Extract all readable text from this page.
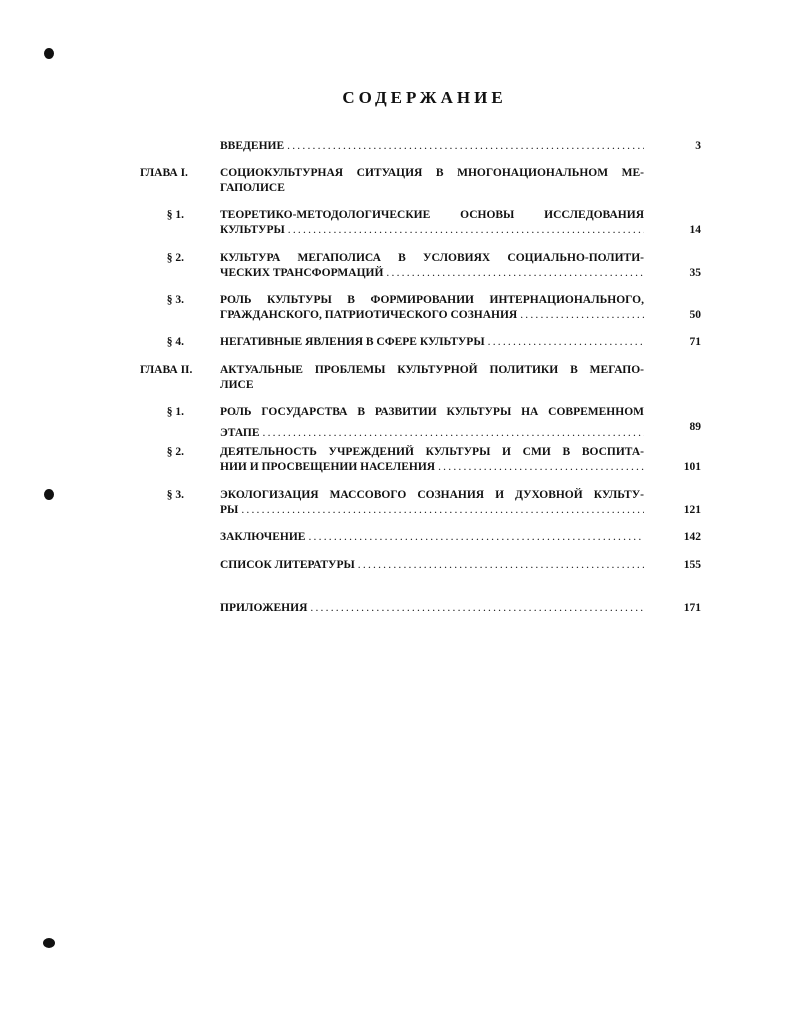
СОДЕРЖАНИЕ
ВВЕДЕНИЕ .....	3
ГЛАВА I.	СОЦИОКУЛЬТУРНАЯ СИТУАЦИЯ В МНОГОНАЦИОНАЛЬНОМ МЕ-
ГАПОЛИСЕ
§ 1.	ТЕОРЕТИКО-МЕТОДОЛОГИЧЕСКИЕ ОСНОВЫ ИССЛЕДОВАНИЯ
КУЛЬТУРЫ .....	14
§ 2.	КУЛЬТУРА МЕГАПОЛИСА В УСЛОВИЯХ СОЦИАЛЬНО-ПОЛИТИ-
ЧЕСКИХ ТРАНСФОРМАЦИЙ .....	35
§ 3.	РОЛЬ КУЛЬТУРЫ В ФОРМИРОВАНИИ ИНТЕРНАЦИОНАЛЬНОГО,
ГРАЖДАНСКОГО, ПАТРИОТИЧЕСКОГО СОЗНАНИЯ .....	50
§ 4.	НЕГАТИВНЫЕ ЯВЛЕНИЯ В СФЕРЕ КУЛЬТУРЫ .....	71
ГЛАВА II. АКТУАЛЬНЫЕ ПРОБЛЕМЫ КУЛЬТУРНОЙ ПОЛИТИКИ В МЕГАПО-
ЛИСЕ
§ 1.	РОЛЬ ГОСУДАРСТВА В РАЗВИТИИ КУЛЬТУРЫ НА СОВРЕМЕННОМ
ЭТАПЕ .....	89
§ 2.	ДЕЯТЕЛЬНОСТЬ УЧРЕЖДЕНИЙ КУЛЬТУРЫ И СМИ В ВОСПИТА-
НИИ И ПРОСВЕЩЕНИИ НАСЕЛЕНИЯ .....	101
§ 3.	ЭКОЛОГИЗАЦИЯ МАССОВОГО СОЗНАНИЯ И ДУХОВНОЙ КУЛЬТУ-
РЫ .....	121
ЗАКЛЮЧЕНИЕ .....	142
СПИСОК ЛИТЕРАТУРЫ .....	155
ПРИЛОЖЕНИЯ .....	171
